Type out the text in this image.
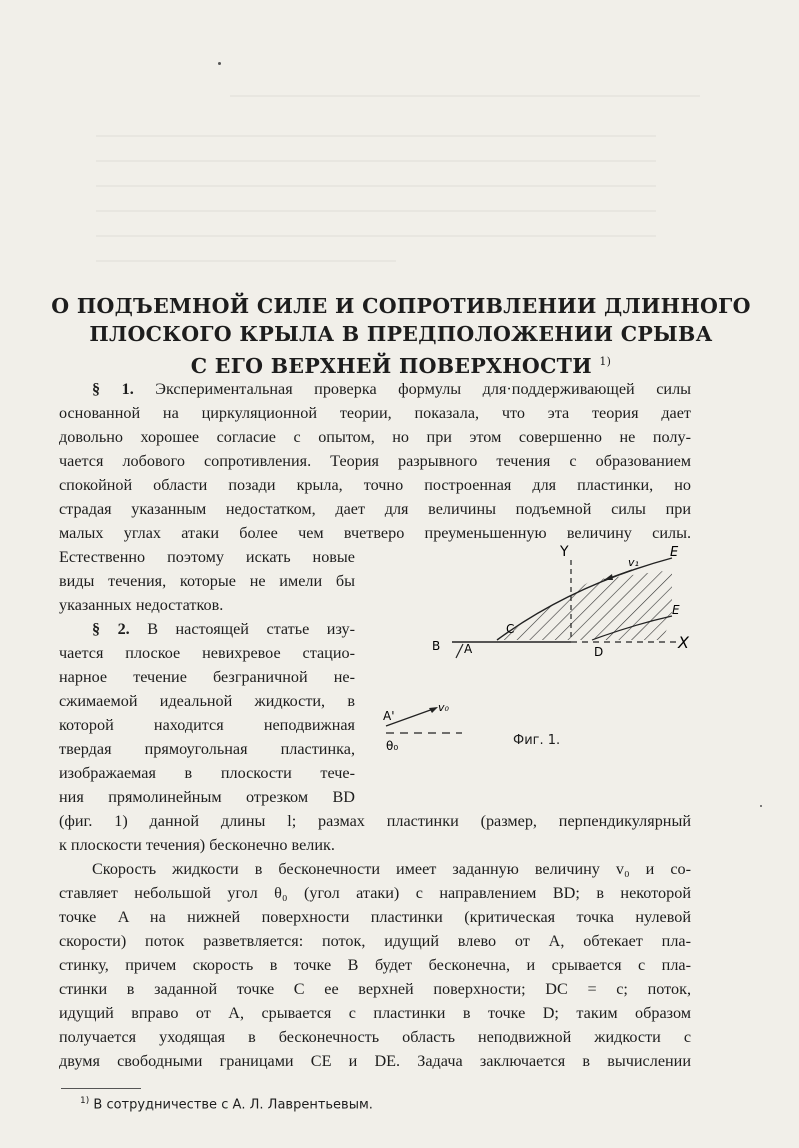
О ПОДЪЕМНОЙ СИЛЕ И СОПРОТИВЛЕНИИ ДЛИННОГО
ПЛОСКОГО КРЫЛА В ПРЕДПОЛОЖЕНИИ СРЫВА
С ЕГО ВЕРХНЕЙ ПОВЕРХНОСТИ $^{1)}$
§ 1. Экспериментальная проверка формулы для·поддерживающей силы
основанной на циркуляционной теории, показала, что эта теория дает
довольно хорошее согласие с опытом, но при этом совершенно не полу-
чается лобового сопротивления. Теория разрывного течения с образованием
спокойной области позади крыла, точно построенная для пластинки, но
страдая указанным недостатком, дает для величины подъемной силы при
малых углах атаки более чем вчетверо преуменьшенную величину силы.
Естественно поэтому искать новые
виды течения, которые не имели бы
указанных недостатков.
§ 2. В настоящей статье изу-
чается плоское невихревое стацио-
нарное течение безграничной не-
сжимаемой идеальной жидкости, в
которой находится неподвижная
твердая прямоугольная пластинка,
изображаемая в плоскости тече-
ния прямолинейным отрезком BD
(фиг. 1) данной длины l; размах пластинки (размер, перпендикулярный
к плоскости течения) бесконечно велик.
Скорость жидкости в бесконечности имеет заданную величину v₀ и со-
ставляет небольшой угол θ₀ (угол атаки) с направлением BD; в некоторой
точке A на нижней поверхности пластинки (критическая точка нулевой
скорости) поток разветвляется: поток, идущий влево от A, обтекает пла-
стинку, причем скорость в точке B будет бесконечна, и срывается с пла-
стинки в заданной точке C ее верхней поверхности; DC = c; поток,
идущий вправо от A, срывается с пластинки в точке D; таким образом
получается уходящая в бесконечность область неподвижной жидкости с
двумя свободными границами CE и DE. Задача заключается в вычислении
Y
X
E
E
C
D
B A
A'
v₀
v₁
θ₀	Фиг. 1.
$^{1)}$ В сотрудничестве с А. Л. Лаврентьевым.
